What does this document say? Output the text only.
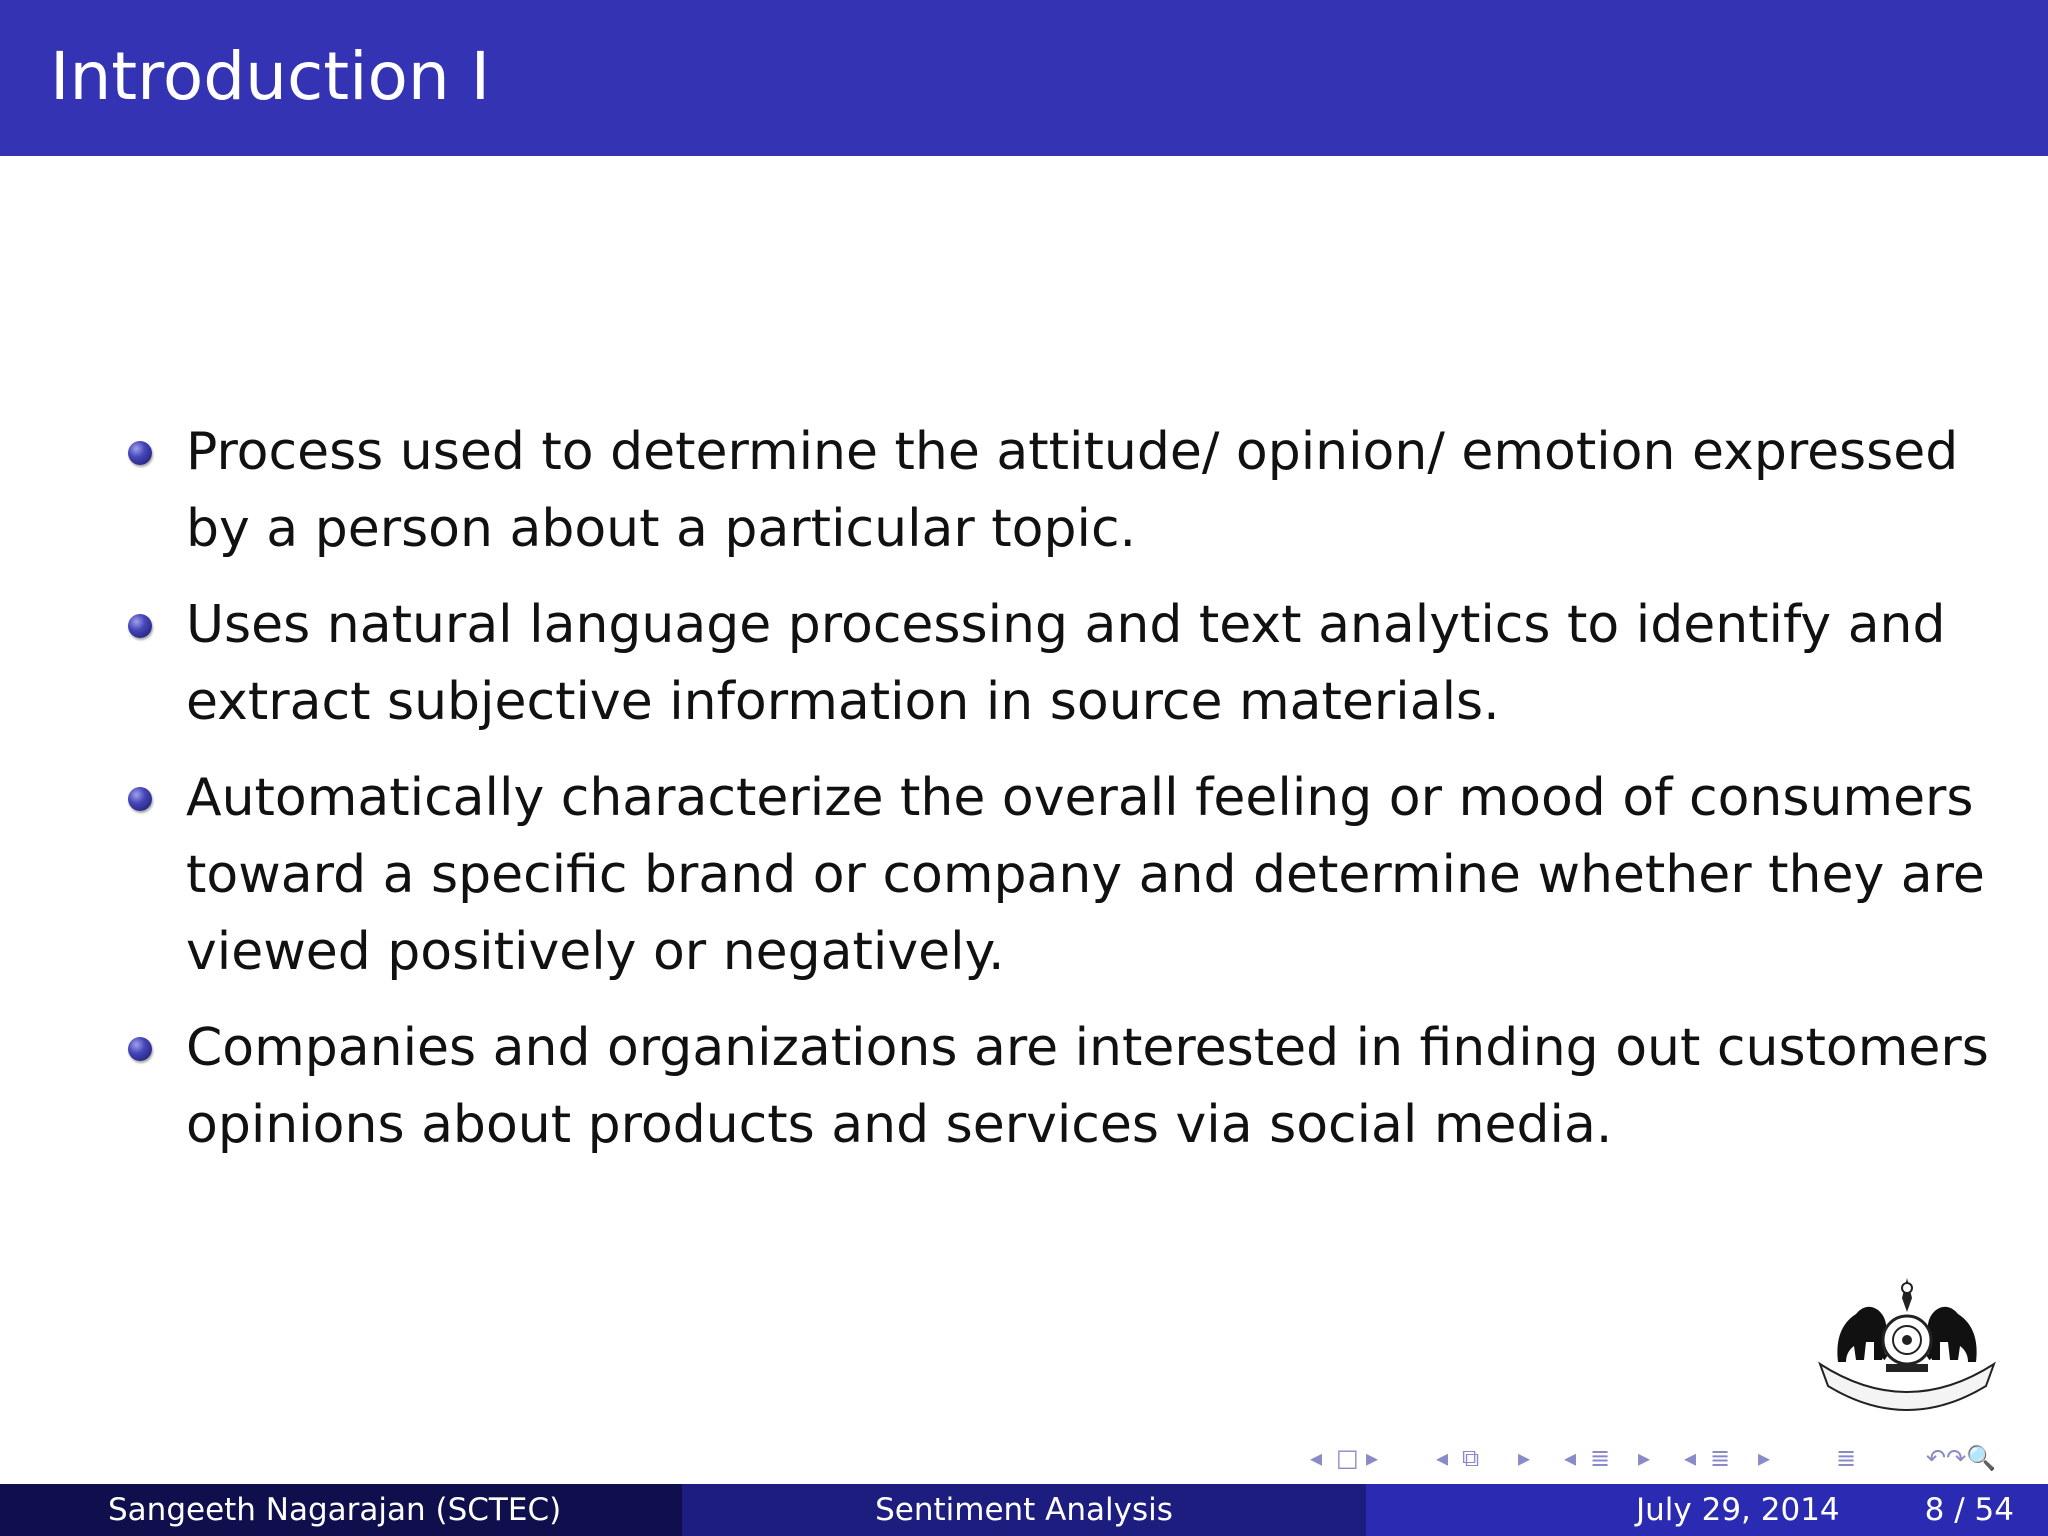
Introduction I
Process used to determine the attitude/ opinion/ emotion expressed by a person about a particular topic.
Uses natural language processing and text analytics to identify and extract subjective information in source materials.
Automatically characterize the overall feeling or mood of consumers toward a specific brand or company and determine whether they are viewed positively or negatively.
Companies and organizations are interested in finding out customers opinions about products and services via social media.
◂ □ ▸ ◂ ⧉ ▸ ◂ ≣ ▸ ◂ ≣ ▸	≣	↶↷🔍
Sangeeth Nagarajan (SCTEC)	Sentiment Analysis	July 29, 2014	8 / 54
